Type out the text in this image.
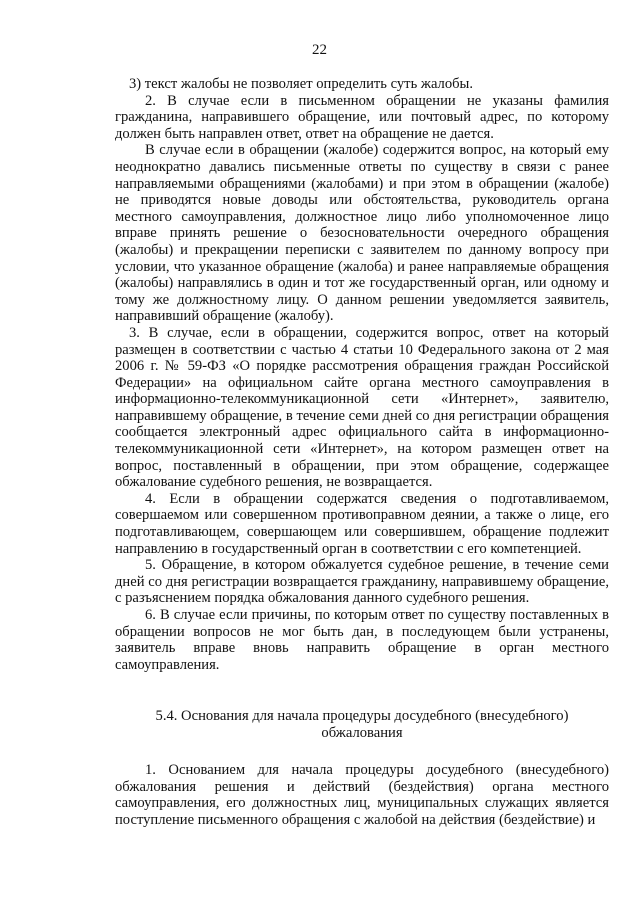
22

3) текст жалобы не позволяет определить суть жалобы.

2. В случае если в письменном обращении не указаны фамилия гражданина, направившего обращение, или почтовый адрес, по которому должен быть направлен ответ, ответ на обращение не дается.

В случае если в обращении (жалобе) содержится вопрос, на который ему неоднократно давались письменные ответы по существу в связи с ранее направляемыми обращениями (жалобами) и при этом в обращении (жалобе) не приводятся новые доводы или обстоятельства, руководитель органа местного самоуправления, должностное лицо либо уполномоченное лицо вправе принять решение о безосновательности очередного обращения (жалобы) и прекращении переписки с заявителем по данному вопросу при условии, что указанное обращение (жалоба) и ранее направляемые обращения (жалобы) направлялись в один и тот же государственный орган, или одному и тому же должностному лицу. О данном решении уведомляется заявитель, направивший обращение (жалобу).

3. В случае, если в обращении, содержится вопрос, ответ на который размещен в соответствии с частью 4 статьи 10 Федерального закона от 2 мая 2006 г. № 59-ФЗ «О порядке рассмотрения обращения граждан Российской Федерации» на официальном сайте органа местного самоуправления в информационно-телекоммуникационной сети «Интернет», заявителю, направившему обращение, в течение семи дней со дня регистрации обращения сообщается электронный адрес официального сайта в информационно-телекоммуникационной сети «Интернет», на котором размещен ответ на вопрос, поставленный в обращении, при этом обращение, содержащее обжалование судебного решения, не возвращается.

4. Если в обращении содержатся сведения о подготавливаемом, совершаемом или совершенном противоправном деянии, а также о лице, его подготавливающем, совершающем или совершившем, обращение подлежит направлению в государственный орган в соответствии с его компетенцией.

5. Обращение, в котором обжалуется судебное решение, в течение семи дней со дня регистрации возвращается гражданину, направившему обращение, с разъяснением порядка обжалования данного судебного решения.

6. В случае если причины, по которым ответ по существу поставленных в обращении вопросов не мог быть дан, в последующем были устранены, заявитель вправе вновь направить обращение в орган местного самоуправления.

5.4. Основания для начала процедуры досудебного (внесудебного) обжалования

1. Основанием для начала процедуры досудебного (внесудебного) обжалования решения и действий (бездействия) органа местного самоуправления, его должностных лиц, муниципальных служащих является поступление письменного обращения с жалобой на действия (бездействие) и
